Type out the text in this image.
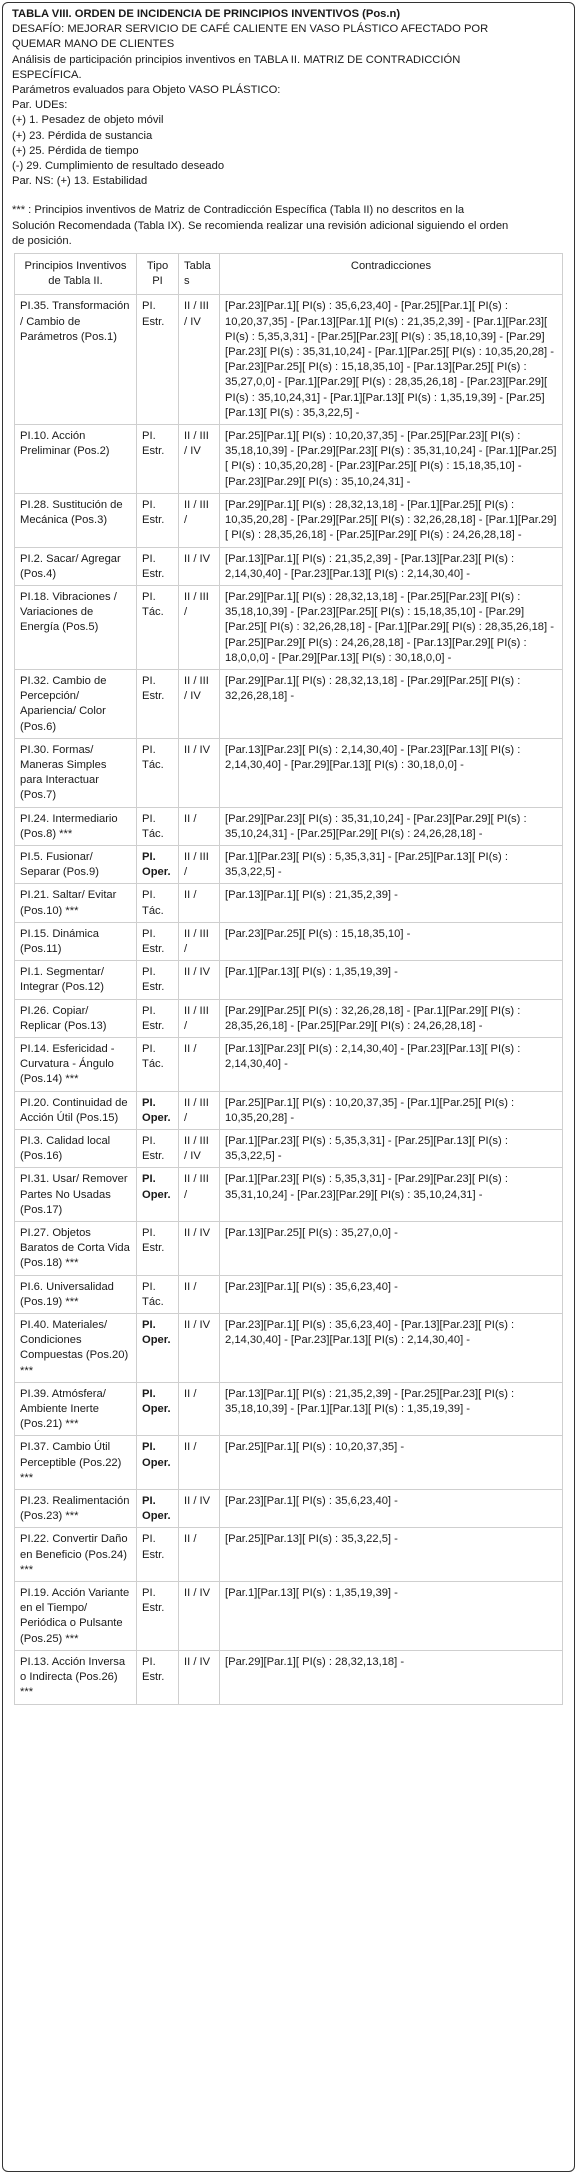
TABLA VIII. ORDEN DE INCIDENCIA DE PRINCIPIOS INVENTIVOS (Pos.n)
DESAFÍO: MEJORAR SERVICIO DE CAFÉ CALIENTE EN VASO PLÁSTICO AFECTADO POR
QUEMAR MANO DE CLIENTES
Análisis de participación principios inventivos en TABLA II. MATRIZ DE CONTRADICCIÓN
ESPECÍFICA.
Parámetros evaluados para Objeto VASO PLÁSTICO:
Par. UDEs:
(+) 1. Pesadez de objeto móvil
(+) 23. Pérdida de sustancia
(+) 25. Pérdida de tiempo
(-) 29. Cumplimiento de resultado deseado
Par. NS: (+) 13. Estabilidad
*** : Principios inventivos de Matriz de Contradicción Específica (Tabla II) no descritos en la
Solución Recomendada (Tabla IX). Se recomienda realizar una revisión adicional siguiendo el orden
de posición.
Principios Inventivos de Tabla II.	Tipo PI	Tablas	Contradicciones
PI.35. Transformación / Cambio de Parámetros (Pos.1)	PI. Estr.	II / III / IV	[Par.23][Par.1][ PI(s) : 35,6,23,40] - [Par.25][Par.1][ PI(s) : 10,20,37,35] - [Par.13][Par.1][ PI(s) : 21,35,2,39] - [Par.1][Par.23][ PI(s) : 5,35,3,31] - [Par.25][Par.23][ PI(s) : 35,18,10,39] - [Par.29][Par.23][ PI(s) : 35,31,10,24] - [Par.1][Par.25][ PI(s) : 10,35,20,28] - [Par.23][Par.25][ PI(s) : 15,18,35,10] - [Par.13][Par.25][ PI(s) : 35,27,0,0] - [Par.1][Par.29][ PI(s) : 28,35,26,18] - [Par.23][Par.29][ PI(s) : 35,10,24,31] - [Par.1][Par.13][ PI(s) : 1,35,19,39] - [Par.25][Par.13][ PI(s) : 35,3,22,5] -
PI.10. Acción Preliminar (Pos.2)	PI. Estr.	II / III / IV	[Par.25][Par.1][ PI(s) : 10,20,37,35] - [Par.25][Par.23][ PI(s) : 35,18,10,39] - [Par.29][Par.23][ PI(s) : 35,31,10,24] - [Par.1][Par.25][ PI(s) : 10,35,20,28] - [Par.23][Par.25][ PI(s) : 15,18,35,10] - [Par.23][Par.29][ PI(s) : 35,10,24,31] -
PI.28. Sustitución de Mecánica (Pos.3)	PI. Estr.	II / III /	[Par.29][Par.1][ PI(s) : 28,32,13,18] - [Par.1][Par.25][ PI(s) : 10,35,20,28] - [Par.29][Par.25][ PI(s) : 32,26,28,18] - [Par.1][Par.29][ PI(s) : 28,35,26,18] - [Par.25][Par.29][ PI(s) : 24,26,28,18] -
PI.2. Sacar/ Agregar (Pos.4)	PI. Estr.	II / IV	[Par.13][Par.1][ PI(s) : 21,35,2,39] - [Par.13][Par.23][ PI(s) : 2,14,30,40] - [Par.23][Par.13][ PI(s) : 2,14,30,40] -
PI.18. Vibraciones / Variaciones de Energía (Pos.5)	PI. Tác.	II / III /	[Par.29][Par.1][ PI(s) : 28,32,13,18] - [Par.25][Par.23][ PI(s) : 35,18,10,39] - [Par.23][Par.25][ PI(s) : 15,18,35,10] - [Par.29][Par.25][ PI(s) : 32,26,28,18] - [Par.1][Par.29][ PI(s) : 28,35,26,18] - [Par.25][Par.29][ PI(s) : 24,26,28,18] - [Par.13][Par.29][ PI(s) : 18,0,0,0] - [Par.29][Par.13][ PI(s) : 30,18,0,0] -
PI.32. Cambio de Percepción/ Apariencia/ Color (Pos.6)	PI. Estr.	II / III / IV	[Par.29][Par.1][ PI(s) : 28,32,13,18] - [Par.29][Par.25][ PI(s) : 32,26,28,18] -
PI.30. Formas/ Maneras Simples para Interactuar (Pos.7)	PI. Tác.	II / IV	[Par.13][Par.23][ PI(s) : 2,14,30,40] - [Par.23][Par.13][ PI(s) : 2,14,30,40] - [Par.29][Par.13][ PI(s) : 30,18,0,0] -
PI.24. Intermediario (Pos.8) ***	PI. Tác.	II /	[Par.29][Par.23][ PI(s) : 35,31,10,24] - [Par.23][Par.29][ PI(s) : 35,10,24,31] - [Par.25][Par.29][ PI(s) : 24,26,28,18] -
PI.5. Fusionar/ Separar (Pos.9)	PI. Oper.	II / III /	[Par.1][Par.23][ PI(s) : 5,35,3,31] - [Par.25][Par.13][ PI(s) : 35,3,22,5] -
PI.21. Saltar/ Evitar (Pos.10) ***	PI. Tác.	II /	[Par.13][Par.1][ PI(s) : 21,35,2,39] -
PI.15. Dinámica (Pos.11)	PI. Estr.	II / III /	[Par.23][Par.25][ PI(s) : 15,18,35,10] -
PI.1. Segmentar/ Integrar (Pos.12)	PI. Estr.	II / IV	[Par.1][Par.13][ PI(s) : 1,35,19,39] -
PI.26. Copiar/ Replicar (Pos.13)	PI. Estr.	II / III /	[Par.29][Par.25][ PI(s) : 32,26,28,18] - [Par.1][Par.29][ PI(s) : 28,35,26,18] - [Par.25][Par.29][ PI(s) : 24,26,28,18] -
PI.14. Esfericidad - Curvatura - Ángulo (Pos.14) ***	PI. Tác.	II /	[Par.13][Par.23][ PI(s) : 2,14,30,40] - [Par.23][Par.13][ PI(s) : 2,14,30,40] -
PI.20. Continuidad de Acción Útil (Pos.15)	PI. Oper.	II / III /	[Par.25][Par.1][ PI(s) : 10,20,37,35] - [Par.1][Par.25][ PI(s) : 10,35,20,28] -
PI.3. Calidad local (Pos.16)	PI. Estr.	II / III / IV	[Par.1][Par.23][ PI(s) : 5,35,3,31] - [Par.25][Par.13][ PI(s) : 35,3,22,5] -
PI.31. Usar/ Remover Partes No Usadas (Pos.17)	PI. Oper.	II / III /	[Par.1][Par.23][ PI(s) : 5,35,3,31] - [Par.29][Par.23][ PI(s) : 35,31,10,24] - [Par.23][Par.29][ PI(s) : 35,10,24,31] -
PI.27. Objetos Baratos de Corta Vida (Pos.18) ***	PI. Estr.	II / IV	[Par.13][Par.25][ PI(s) : 35,27,0,0] -
PI.6. Universalidad (Pos.19) ***	PI. Tác.	II /	[Par.23][Par.1][ PI(s) : 35,6,23,40] -
PI.40. Materiales/ Condiciones Compuestas (Pos.20) ***	PI. Oper.	II / IV	[Par.23][Par.1][ PI(s) : 35,6,23,40] - [Par.13][Par.23][ PI(s) : 2,14,30,40] - [Par.23][Par.13][ PI(s) : 2,14,30,40] -
PI.39. Atmósfera/ Ambiente Inerte (Pos.21) ***	PI. Oper.	II /	[Par.13][Par.1][ PI(s) : 21,35,2,39] - [Par.25][Par.23][ PI(s) : 35,18,10,39] - [Par.1][Par.13][ PI(s) : 1,35,19,39] -
PI.37. Cambio Útil Perceptible (Pos.22) ***	PI. Oper.	II /	[Par.25][Par.1][ PI(s) : 10,20,37,35] -
PI.23. Realimentación (Pos.23) ***	PI. Oper.	II / IV	[Par.23][Par.1][ PI(s) : 35,6,23,40] -
PI.22. Convertir Daño en Beneficio (Pos.24) ***	PI. Estr.	II /	[Par.25][Par.13][ PI(s) : 35,3,22,5] -
PI.19. Acción Variante en el Tiempo/ Periódica o Pulsante (Pos.25) ***	PI. Estr.	II / IV	[Par.1][Par.13][ PI(s) : 1,35,19,39] -
PI.13. Acción Inversa o Indirecta (Pos.26) ***	PI. Estr.	II / IV	[Par.29][Par.1][ PI(s) : 28,32,13,18] -
